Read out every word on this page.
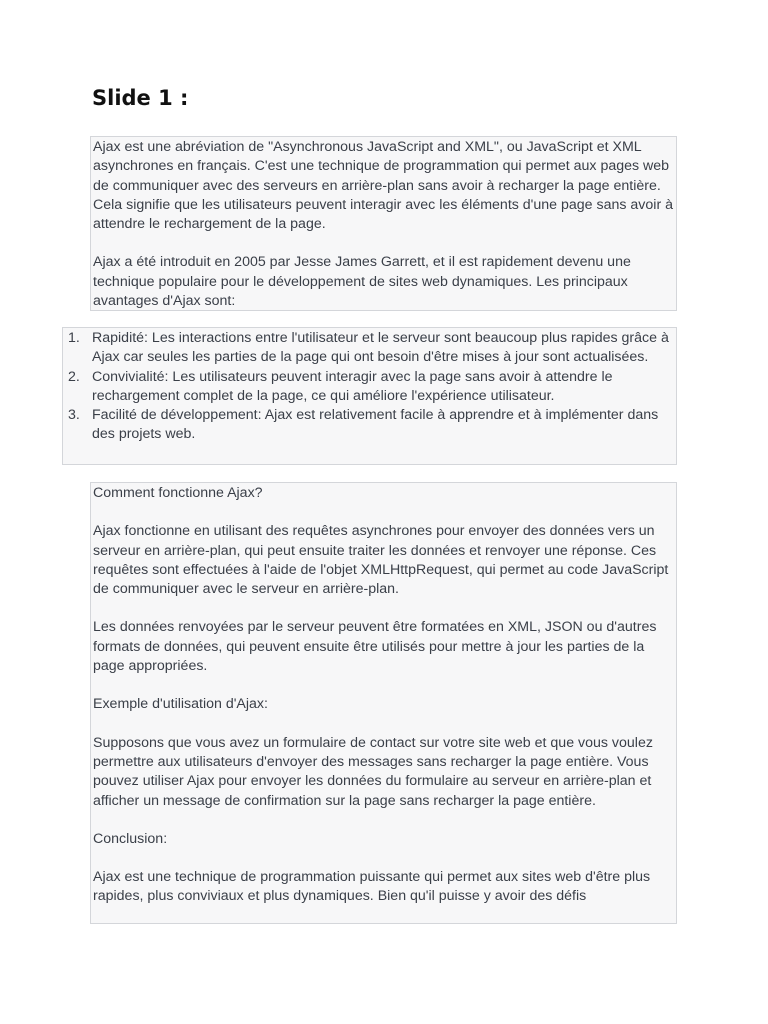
Slide 1 :

Ajax est une abréviation de "Asynchronous JavaScript and XML", ou JavaScript et XML asynchrones en français. C'est une technique de programmation qui permet aux pages web de communiquer avec des serveurs en arrière-plan sans avoir à recharger la page entière. Cela signifie que les utilisateurs peuvent interagir avec les éléments d'une page sans avoir à attendre le rechargement de la page.

Ajax a été introduit en 2005 par Jesse James Garrett, et il est rapidement devenu une technique populaire pour le développement de sites web dynamiques. Les principaux avantages d'Ajax sont:

1. Rapidité: Les interactions entre l'utilisateur et le serveur sont beaucoup plus rapides grâce à Ajax car seules les parties de la page qui ont besoin d'être mises à jour sont actualisées.
2. Convivialité: Les utilisateurs peuvent interagir avec la page sans avoir à attendre le rechargement complet de la page, ce qui améliore l'expérience utilisateur.
3. Facilité de développement: Ajax est relativement facile à apprendre et à implémenter dans des projets web.

Comment fonctionne Ajax?

Ajax fonctionne en utilisant des requêtes asynchrones pour envoyer des données vers un serveur en arrière-plan, qui peut ensuite traiter les données et renvoyer une réponse. Ces requêtes sont effectuées à l'aide de l'objet XMLHttpRequest, qui permet au code JavaScript de communiquer avec le serveur en arrière-plan.

Les données renvoyées par le serveur peuvent être formatées en XML, JSON ou d'autres formats de données, qui peuvent ensuite être utilisés pour mettre à jour les parties de la page appropriées.

Exemple d'utilisation d'Ajax:

Supposons que vous avez un formulaire de contact sur votre site web et que vous voulez permettre aux utilisateurs d'envoyer des messages sans recharger la page entière. Vous pouvez utiliser Ajax pour envoyer les données du formulaire au serveur en arrière-plan et afficher un message de confirmation sur la page sans recharger la page entière.

Conclusion:

Ajax est une technique de programmation puissante qui permet aux sites web d'être plus rapides, plus conviviaux et plus dynamiques. Bien qu'il puisse y avoir des défis
